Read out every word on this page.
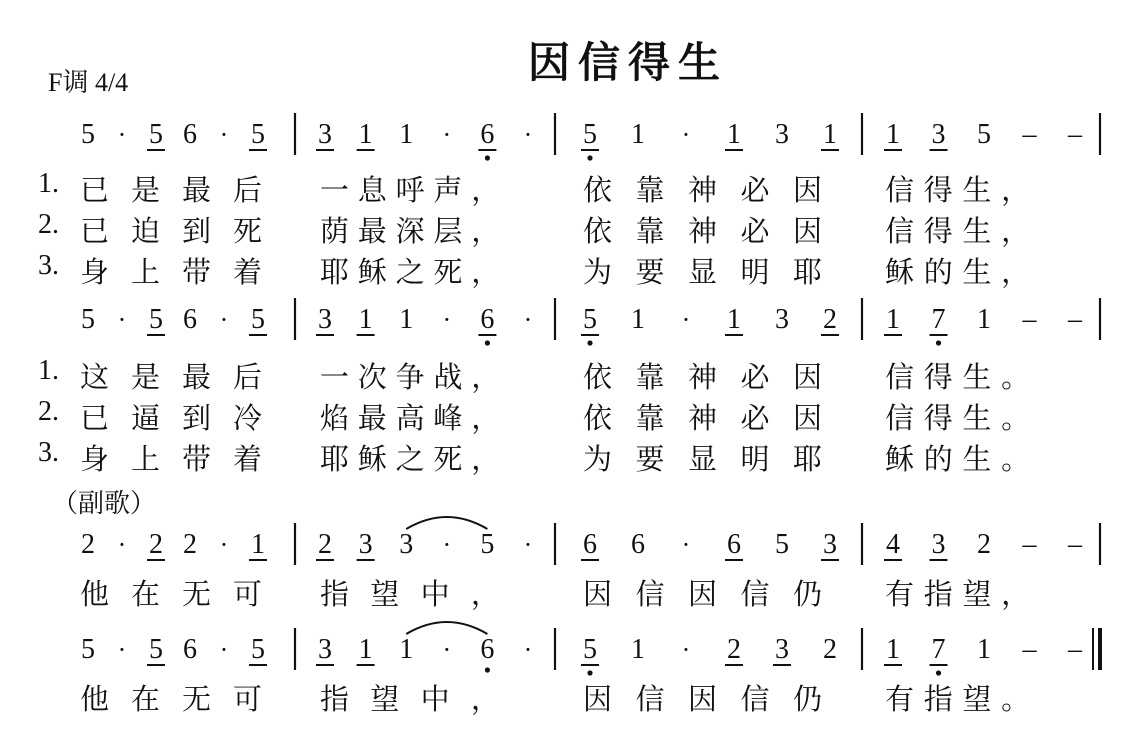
因信得生
F调 4/4
（副歌）
5 · 5 6 · 5 3 1 1 · 6 · 5 1 · 1 3 1 1 3 5 – –
5 · 5 6 · 5 3 1 1 · 6 · 5 1 · 1 3 2 1 7 1 – –
2 · 2 2 · 1 2 3 3 · 5 · 6 6 · 6 5 3 4 3 2 – –
5 · 5 6 · 5 3 1 1 · 6 · 5 1 · 2 3 2 1 7 1 – –
1. 已是最后 一息呼声，	依靠神必因 信得生，
2. 已迫到死 荫最深层，	依靠神必因 信得生，
3. 身上带着 耶稣之死，	为要显明耶 稣的生，
1. 这是最后 一次争战，	依靠神必因 信得生。
2. 已逼到冷 焰最高峰，	依靠神必因 信得生。
3. 身上带着 耶稣之死，	为要显明耶 稣的生。
他在无可 指望中， 因信因信仍 有指望，
他在无可 指望中， 因信因信仍 有指望。
